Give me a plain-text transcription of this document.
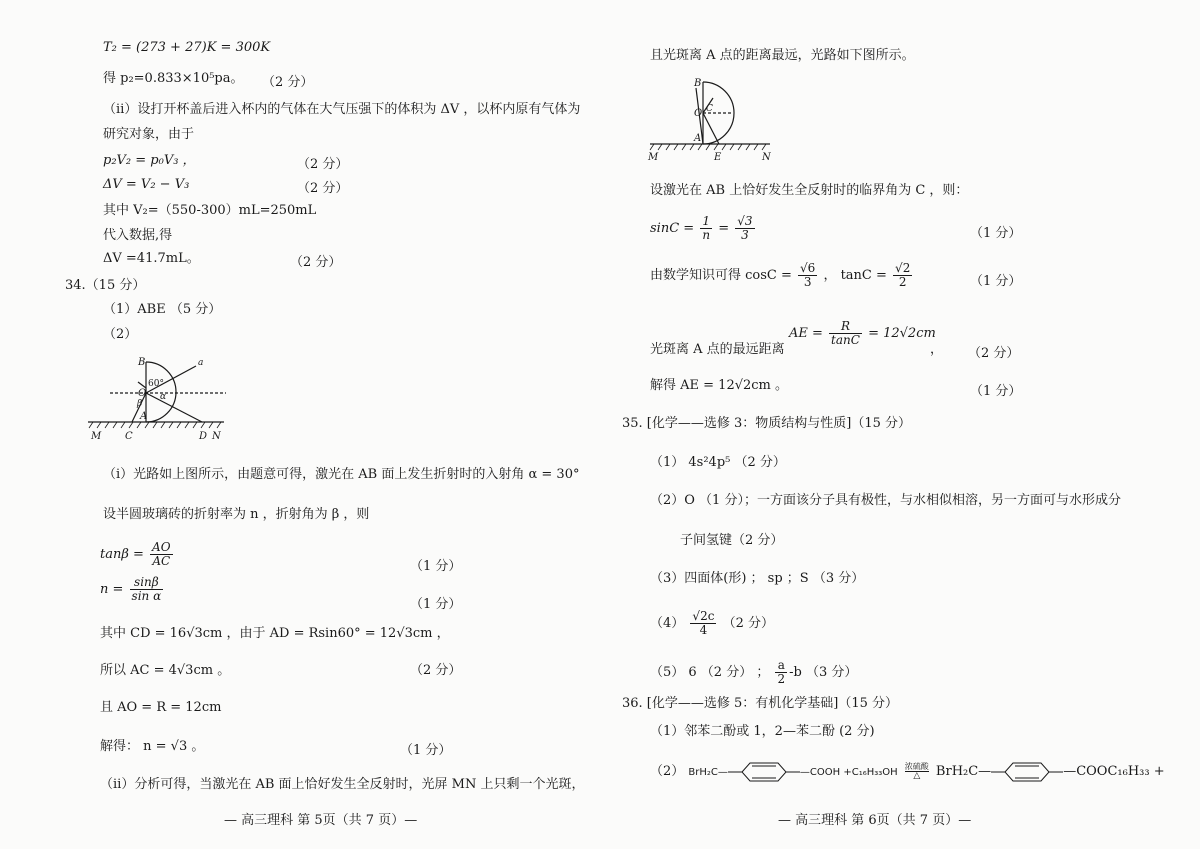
T₂ = (273 + 27)K = 300K
得 p₂=0.833×10⁵pa。 （2 分）
（ⅱ）设打开杯盖后进入杯内的气体在大气压强下的体积为 ΔV ，以杯内原有气体为
研究对象，由于
p₂V₂ = p₀V₃ ，	（2 分）
ΔV = V₂ − V₃	（2 分）
其中 V₂=（550-300）mL=250mL
代入数据,得
ΔV =41.7mL。	（2 分）
34.（15 分）
（1）ABE （5 分）
（2）
B
O
60°
α
β
a
A
M C	D N
（ⅰ）光路如上图所示，由题意可得，激光在 AB 面上发生折射时的入射角 α = 30°
设半圆玻璃砖的折射率为 n ，折射角为 β ，则
$\tan\beta = \frac{AO}{AC}$	（1 分）
$n = \frac{\sin\beta}{\text{sin α}}$
（1 分）
其中 CD = 16√3cm ，由于 AD = Rsin60° = 12√3cm ，
所以 AC = 4√3cm 。	（2 分）
且 AO = R = 12cm
解得： n = √3 。	（1 分）
（ⅱ）分析可得，当激光在 AB 面上恰好发生全反射时，光屏 MN 上只剩一个光斑，
— 高三理科 第 5页（共 7 页）—
且光斑离 A 点的距离最远，光路如下图所示。
B
O C
A
M	E	N
设激光在 AB 上恰好发生全反射时的临界角为 C ，则：
$\sin C = \frac{1}{n} = \frac{√3}{3}$	（1 分）
由数学知识可得 $\cos C = \frac{√6}{3}$ ， $\tan C = \frac{√2}{2}$	（1 分）
AE = $\frac{R}{\tan C} = 12√2cm$
光斑离 A 点的最远距离	， （2 分）
解得 AE = 12√2cm 。	（1 分）
35. [化学——选修 3：物质结构与性质]（15 分）
（1） 4s²4p⁵ （2 分）
（2）O （1 分）；一方面该分子具有极性，与水相似相溶，另一方面可与水形成分
子间氢键（2 分）
（3）四面体(形) ； sp ；S （3 分）
$(4) \frac{√2c}{4} (2$ 分）
（5） 6 （2 分） ； $\frac{a}{2} -b$ （3 分）
36. [化学——选修 5：有机化学基础]（15 分）
（1）邻苯二酚或 1，2—苯二酚 (2 分)
（2） BrH₂C—	—COOH +C₁₆H₃₃OH
浓硫酸
△	BrH₂C—	—COOC₁₆H₃₃ +
— 高三理科 第 6页（共 7 页）—
